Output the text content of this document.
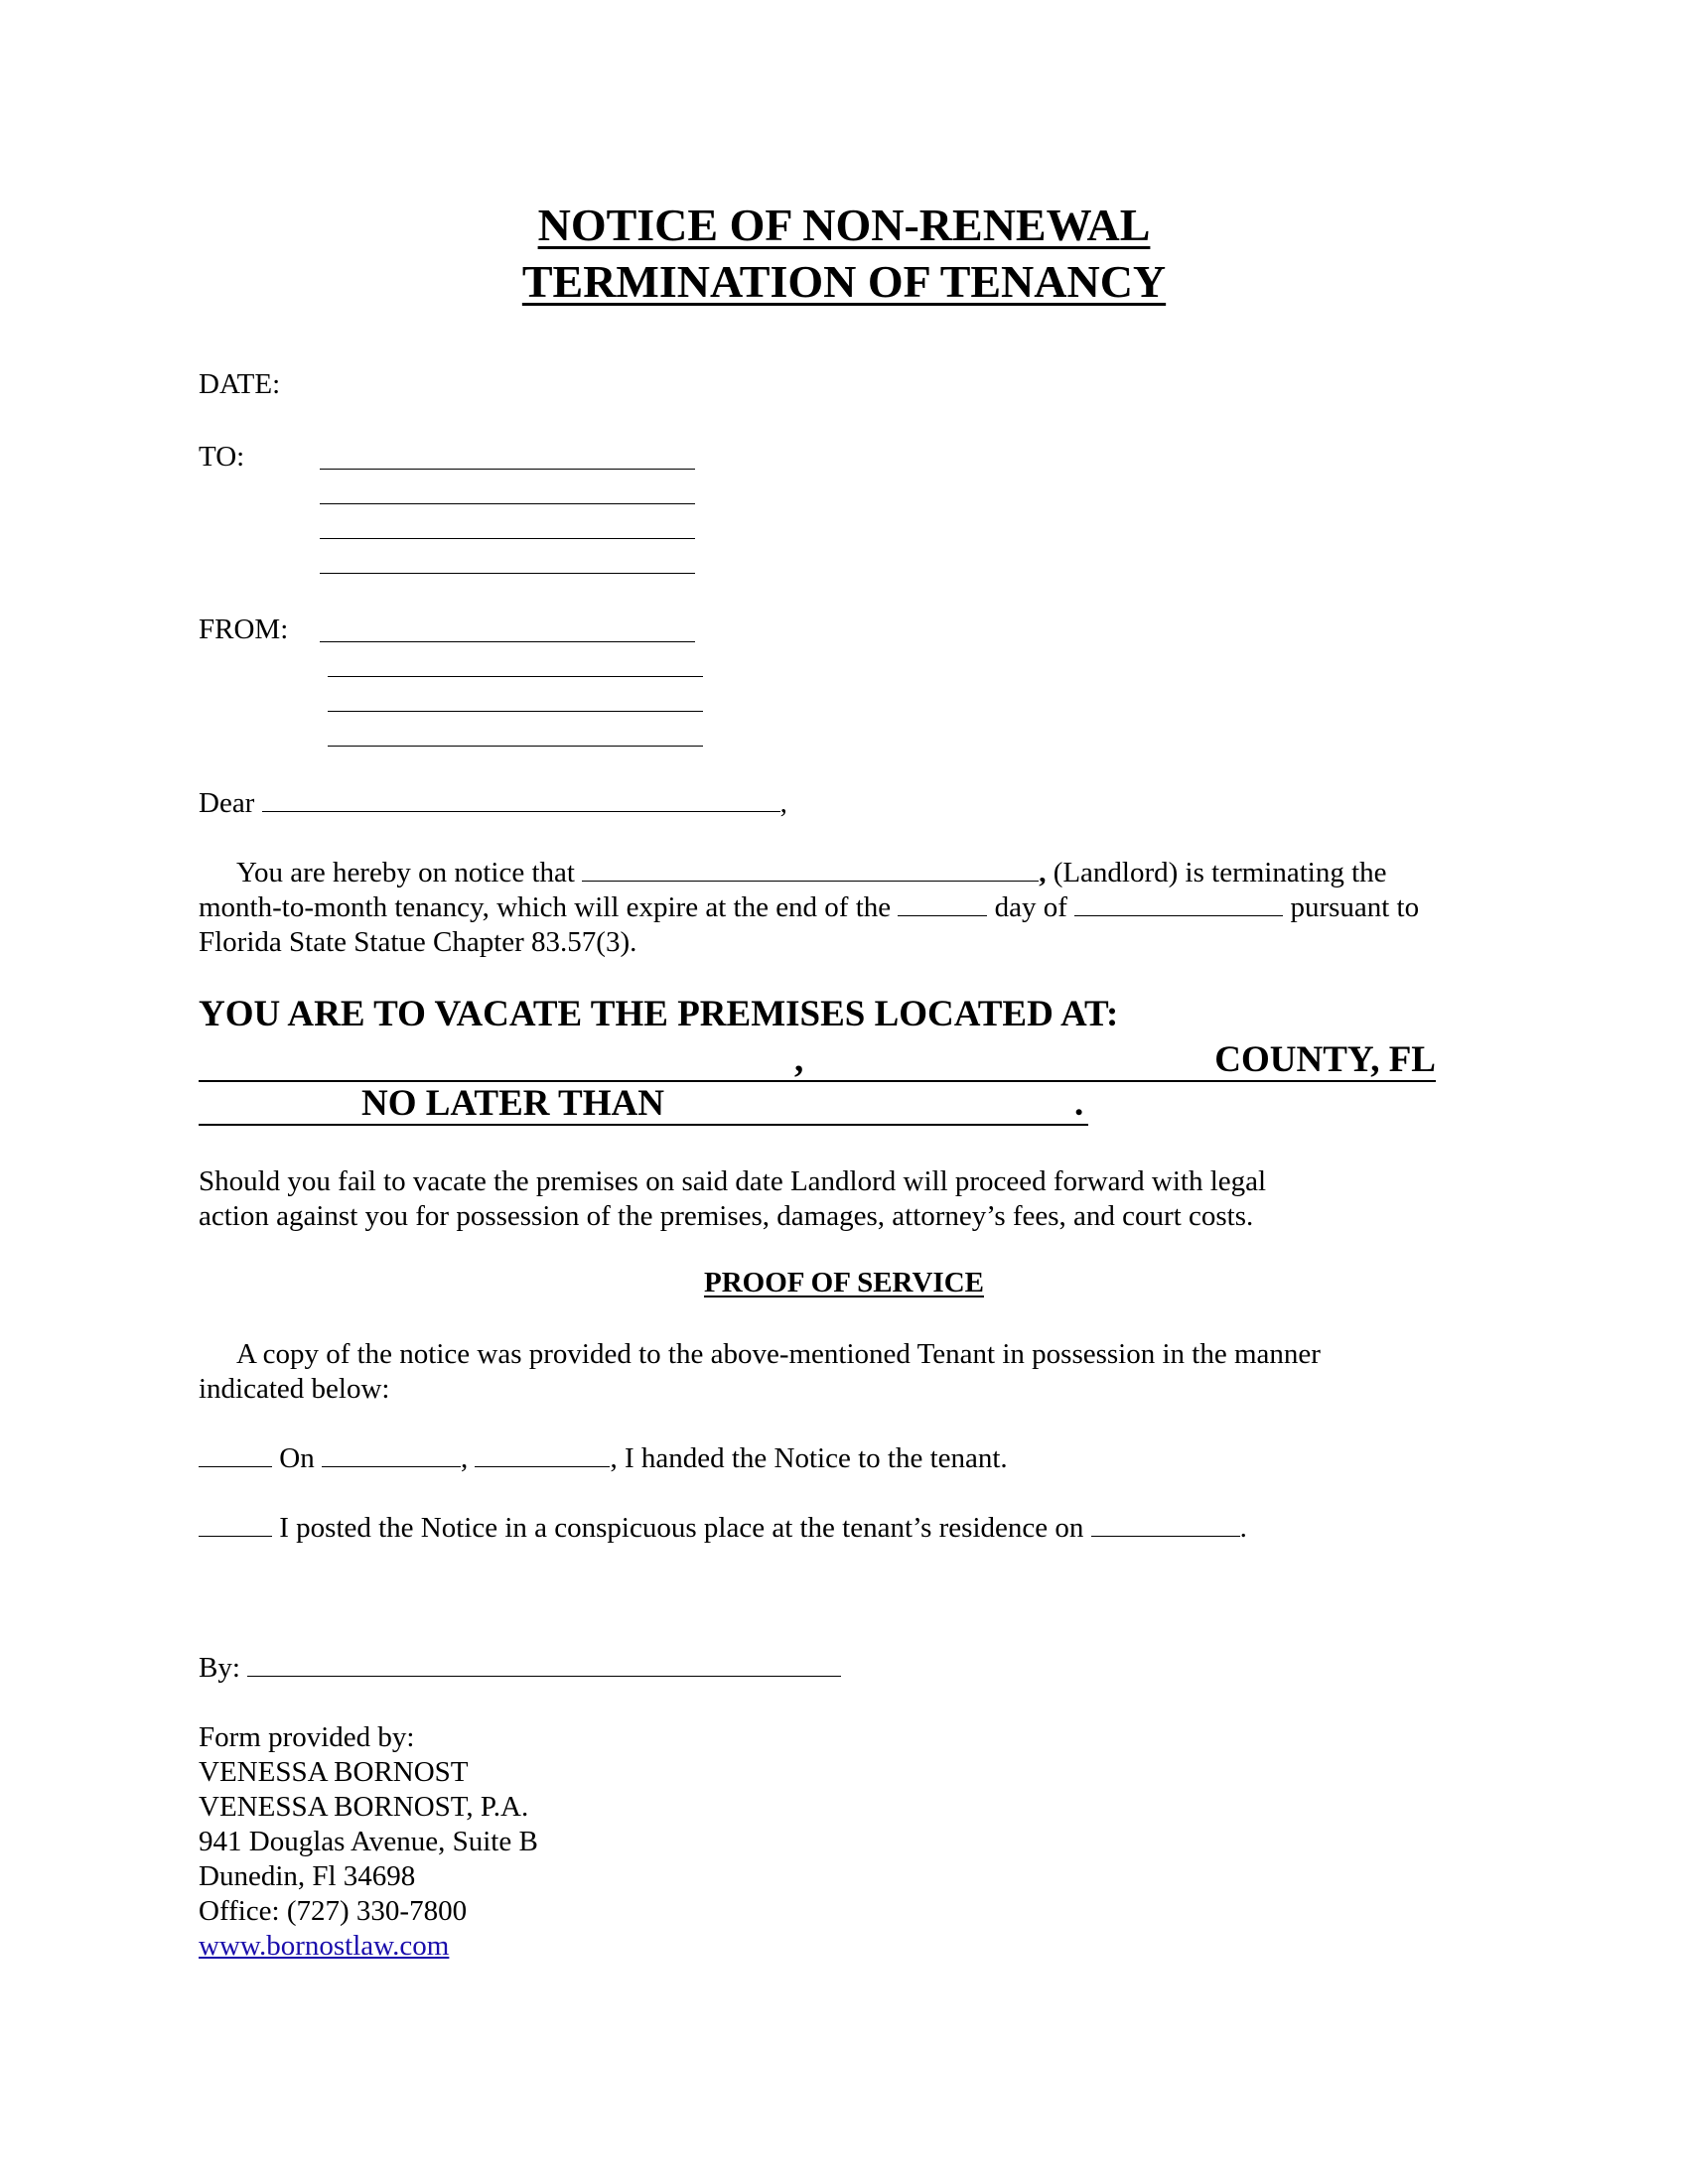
NOTICE OF NON-RENEWAL
TERMINATION OF TENANCY
DATE:
TO:
FROM:
Dear	,
You are hereby on notice that	, (Landlord) is terminating the
month-to-month tenancy, which will expire at the end of the	day of	pursuant to
Florida State Statue Chapter 83.57(3).
YOU ARE TO VACATE THE PREMISES LOCATED AT:
,	COUNTY, FL
NO LATER THAN	.
Should you fail to vacate the premises on said date Landlord will proceed forward with legal
action against you for possession of the premises, damages, attorney’s fees, and court costs.
PROOF OF SERVICE
A copy of the notice was provided to the above-mentioned Tenant in possession in the manner
indicated below:
On	,	, I handed the Notice to the tenant.
I posted the Notice in a conspicuous place at the tenant’s residence on	.
By:
Form provided by:
VENESSA BORNOST
VENESSA BORNOST, P.A.
941 Douglas Avenue, Suite B
Dunedin, Fl 34698
Office: (727) 330-7800
www.bornostlaw.com
